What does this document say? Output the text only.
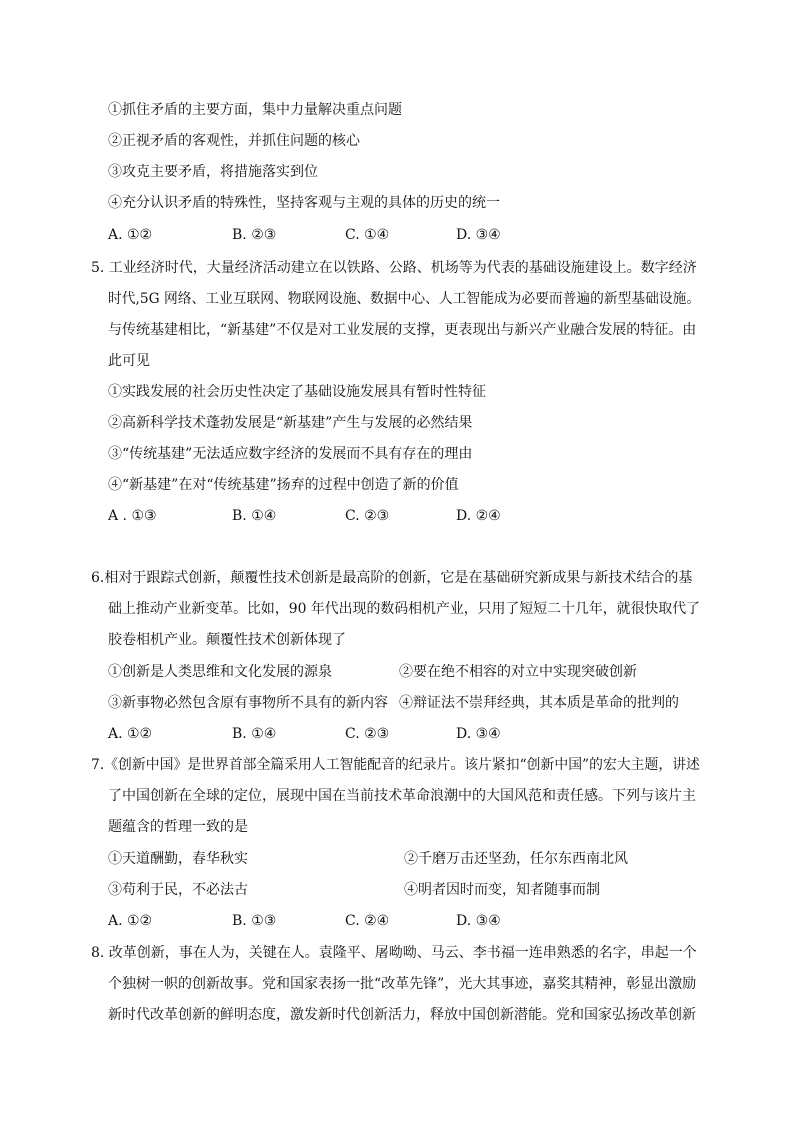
①抓住矛盾的主要方面，集中力量解决重点问题
②正视矛盾的客观性，并抓住问题的核心
③攻克主要矛盾，将措施落实到位
④充分认识矛盾的特殊性，坚持客观与主观的具体的历史的统一
A. ①②	B. ②③	C. ①④	D. ③④
5. 工业经济时代，大量经济活动建立在以铁路、公路、机场等为代表的基础设施建设上。数字经济
时代,5G 网络、工业互联网、物联网设施、数据中心、人工智能成为必要而普遍的新型基础设施。
与传统基建相比，“新基建”不仅是对工业发展的支撑，更表现出与新兴产业融合发展的特征。由
此可见
①实践发展的社会历史性决定了基础设施发展具有暂时性特征
②高新科学技术蓬勃发展是“新基建”产生与发展的必然结果
③“传统基建”无法适应数字经济的发展而不具有存在的理由
④“新基建”在对“传统基建”扬弃的过程中创造了新的价值
A . ①③	B. ①④	C. ②③	D. ②④
6.相对于跟踪式创新，颠覆性技术创新是最高阶的创新，它是在基础研究新成果与新技术结合的基
础上推动产业新变革。比如，90 年代出现的数码相机产业，只用了短短二十几年，就很快取代了
胶卷相机产业。颠覆性技术创新体现了
①创新是人类思维和文化发展的源泉	②要在绝不相容的对立中实现突破创新
③新事物必然包含原有事物所不具有的新内容 ④辩证法不崇拜经典，其本质是革命的批判的
A. ①②	B. ①④	C. ②③	D. ③④
7.《创新中国》是世界首部全篇采用人工智能配音的纪录片。该片紧扣“创新中国”的宏大主题，讲述
了中国创新在全球的定位，展现中国在当前技术革命浪潮中的大国风范和责任感。下列与该片主
题蕴含的哲理一致的是
①天道酬勤，春华秋实	②千磨万击还坚劲，任尔东西南北风
③苟利于民，不必法古	④明者因时而变，知者随事而制
A. ①②	B. ①③	C. ②④	D. ③④
8. 改革创新，事在人为，关键在人。袁隆平、屠呦呦、马云、李书福一连串熟悉的名字，串起一个
个独树一帜的创新故事。党和国家表扬一批“改革先锋”，光大其事迹，嘉奖其精神，彰显出激励
新时代改革创新的鲜明态度，激发新时代创新活力，释放中国创新潜能。党和国家弘扬改革创新
